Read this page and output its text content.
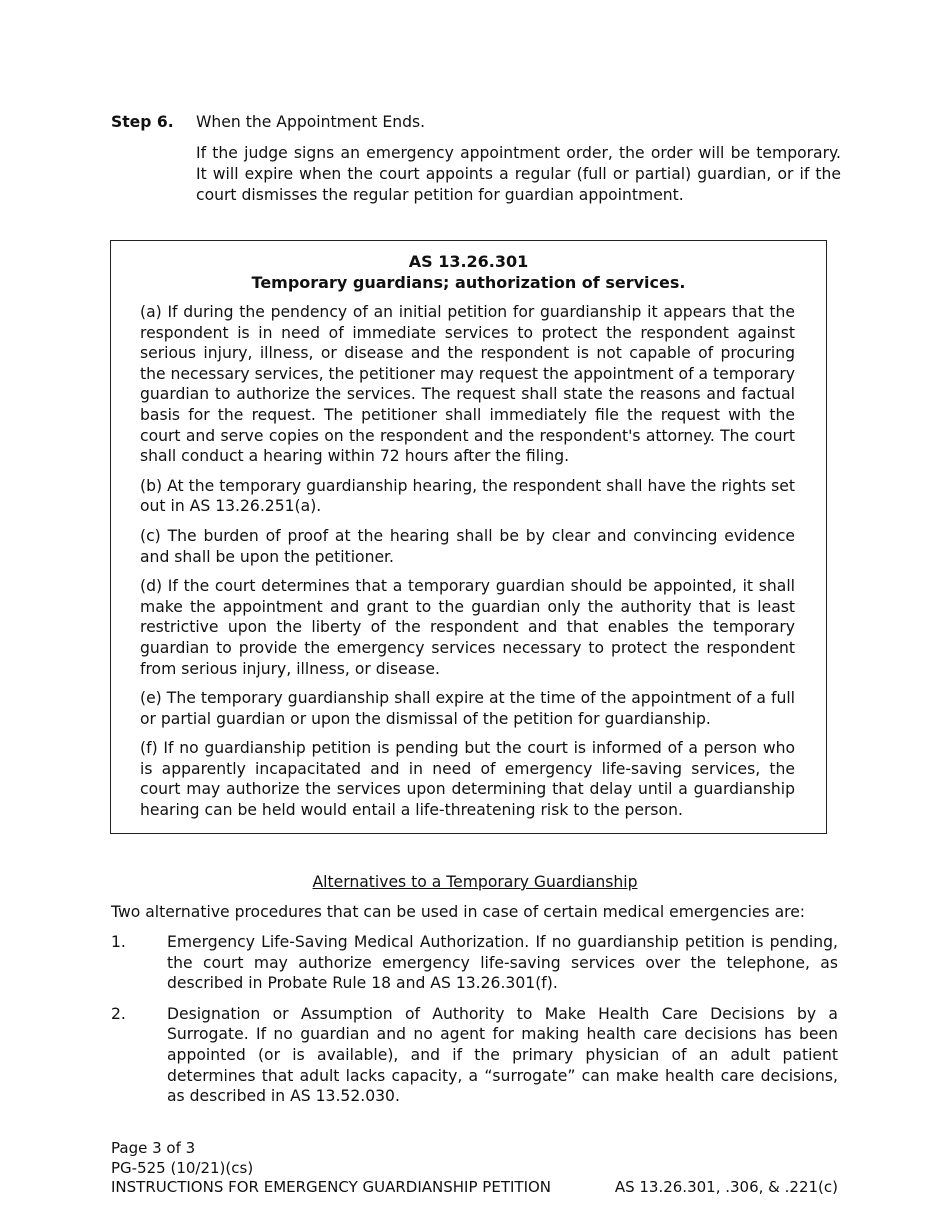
Step 6.	When the Appointment Ends.
If the judge signs an emergency appointment order, the order will be temporary. It will expire when the court appoints a regular (full or partial) guardian, or if the court dismisses the regular petition for guardian appointment.
AS 13.26.301
Temporary guardians; authorization of services.

(a) If during the pendency of an initial petition for guardianship it appears that the respondent is in need of immediate services to protect the respondent against serious injury, illness, or disease and the respondent is not capable of procuring the necessary services, the petitioner may request the appointment of a temporary guardian to authorize the services. The request shall state the reasons and factual basis for the request. The petitioner shall immediately file the request with the court and serve copies on the respondent and the respondent's attorney. The court shall conduct a hearing within 72 hours after the filing.

(b) At the temporary guardianship hearing, the respondent shall have the rights set out in AS 13.26.251(a).

(c) The burden of proof at the hearing shall be by clear and convincing evidence and shall be upon the petitioner.

(d) If the court determines that a temporary guardian should be appointed, it shall make the appointment and grant to the guardian only the authority that is least restrictive upon the liberty of the respondent and that enables the temporary guardian to provide the emergency services necessary to protect the respondent from serious injury, illness, or disease.

(e) The temporary guardianship shall expire at the time of the appointment of a full or partial guardian or upon the dismissal of the petition for guardianship.

(f) If no guardianship petition is pending but the court is informed of a person who is apparently incapacitated and in need of emergency life-saving services, the court may authorize the services upon determining that delay until a guardianship hearing can be held would entail a life-threatening risk to the person.

Alternatives to a Temporary Guardianship
Two alternative procedures that can be used in case of certain medical emergencies are:
1.	Emergency Life-Saving Medical Authorization. If no guardianship petition is pending, the court may authorize emergency life-saving services over the telephone, as described in Probate Rule 18 and AS 13.26.301(f).
2.	Designation or Assumption of Authority to Make Health Care Decisions by a Surrogate. If no guardian and no agent for making health care decisions has been appointed (or is available), and if the primary physician of an adult patient determines that adult lacks capacity, a “surrogate” can make health care decisions, as described in AS 13.52.030.
Page 3 of 3
PG-525 (10/21)(cs)
INSTRUCTIONS FOR EMERGENCY GUARDIANSHIP PETITION	AS 13.26.301, .306, & .221(c)
